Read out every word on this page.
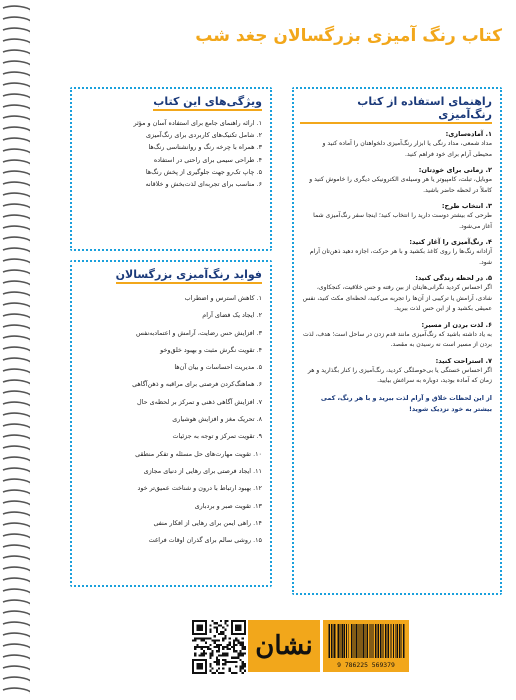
کتاب رنگ آمیزی بزرگسالان جغد شب
راهنمای استفاده از کتاب رنگ‌آمیزی
۱. آماده‌سازی:
مداد شمعی، مداد رنگی یا ابزار رنگ‌آمیزی دلخواهتان را آماده کنید و محیطی آرام برای خود فراهم کنید.
۲. زمانی برای خودتان:
موبایل، تبلت، کامپیوتر یا هر وسیله‌ی الکترونیکی دیگری را خاموش کنید و کاملاً در لحظه حاضر باشید.
۳. انتخاب طرح:
طرحی که بیشتر دوست دارید را انتخاب کنید؛ اینجا سفر رنگ‌آمیزی شما آغاز می‌شود.
۴. رنگ‌آمیزی را آغاز کنید:
آزادانه رنگ‌ها را روی کاغذ بکشید و با هر حرکت، اجازه دهید ذهن‌تان آرام شود.
۵. در لحظه زندگی کنید:
اگر احساس کردید نگرانی‌هایتان از بین رفته و حس خلاقیت، کنجکاوی، شادی، آرامش یا ترکیبی از آن‌ها را تجربه می‌کنید، لحظه‌ای مکث کنید، نفس عمیقی بکشید و از این حس لذت ببرید.
۶. لذت بردن از مسیر:
به یاد داشته باشید که رنگ‌آمیزی مانند قدم زدن در ساحل است؛ هدف، لذت بردن از مسیر است نه رسیدن به مقصد.
۷. استراحت کنید:
اگر احساس خستگی یا بی‌حوصلگی کردید، رنگ‌آمیزی را کنار بگذارید و هر زمان که آماده بودید، دوباره به سراغش بیایید.
از این لحظات خلاق و آرام لذت ببرید و با هر رنگ، کمی بیشتر به خود نزدیک شوید!
ویژگی‌های این کتاب
۱. ارائه راهنمای جامع برای استفاده آسان و مؤثر
۲. شامل تکنیک‌های کاربردی برای رنگ‌آمیزی
۳. همراه با چرخه رنگ و روانشناسی رنگ‌ها
۴. طراحی سیمی برای راحتی در استفاده
۵. چاپ تک‌رو جهت جلوگیری از پخش رنگ‌ها
۶. مناسب برای تجربه‌ای لذت‌بخش و خلاقانه
فواید رنگ‌آمیزی بزرگسالان
۱. کاهش استرس و اضطراب
۲. ایجاد یک فضای آرام
۳. افزایش حس رضایت، آرامش و اعتمادبه‌نفس
۴. تقویت نگرش مثبت و بهبود خلق‌وخو
۵. مدیریت احساسات و بیان آن‌ها
۶. هماهنگ‌کردن فرصتی برای مراقبه و ذهن‌آگاهی
۷. افزایش آگاهی ذهنی و تمرکز بر لحظه‌ی حال
۸. تحریک مغز و افزایش هوشیاری
۹. تقویت تمرکز و توجه به جزئیات
۱۰. تقویت مهارت‌های حل مسئله و تفکر منطقی
۱۱. ایجاد فرصتی برای رهایی از دنیای مجازی
۱۲. بهبود ارتباط با درون و شناخت عمیق‌تر خود
۱۳. تقویت صبر و بردباری
۱۴. راهی ایمن برای رهایی از افکار منفی
۱۵. روشی سالم برای گذران اوقات فراغت
نشان
9 786225 569379
